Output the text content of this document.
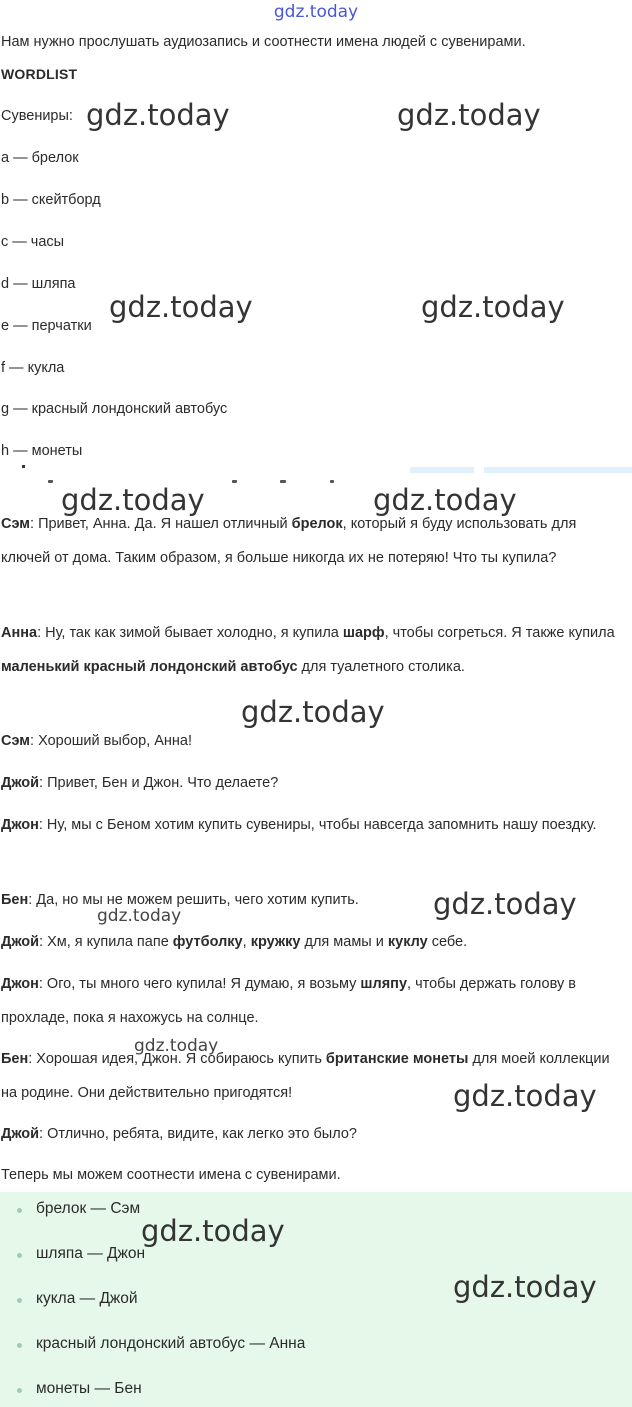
gdz.today
Нам нужно прослушать аудиозапись и соотнести имена людей с сувенирами.
WORDLIST
Сувениры:
a — брелок
b — скейтборд
c — часы
d — шляпа
e — перчатки
f — кукла
g — красный лондонский автобус
h — монеты
Сэм: Привет, Анна. Да. Я нашел отличный брелок, который я буду использовать для ключей от дома. Таким образом, я больше никогда их не потеряю! Что ты купила?
Анна: Ну, так как зимой бывает холодно, я купила шарф, чтобы согреться. Я также купила маленький красный лондонский автобус для туалетного столика.
Сэм: Хороший выбор, Анна!
Джой: Привет, Бен и Джон. Что делаете?
Джон: Ну, мы с Беном хотим купить сувениры, чтобы навсегда запомнить нашу поездку.
Бен: Да, но мы не можем решить, чего хотим купить.
Джой: Хм, я купила папе футболку, кружку для мамы и куклу себе.
Джон: Ого, ты много чего купила! Я думаю, я возьму шляпу, чтобы держать голову в прохладе, пока я нахожусь на солнце.
Бен: Хорошая идея, Джон. Я собираюсь купить британские монеты для моей коллекции на родине. Они действительно пригодятся!
Джой: Отлично, ребята, видите, как легко это было?
Теперь мы можем соотнести имена с сувенирами.
брелок — Сэм
шляпа — Джон
кукла — Джой
красный лондонский автобус — Анна
монеты — Бен
gdz.today	gdz.today
gdz.today	gdz.today
gdz.today	gdz.today
gdz.today
gdz.today
gdz.today
gdz.today
gdz.today
gdz.today
gdz.today
